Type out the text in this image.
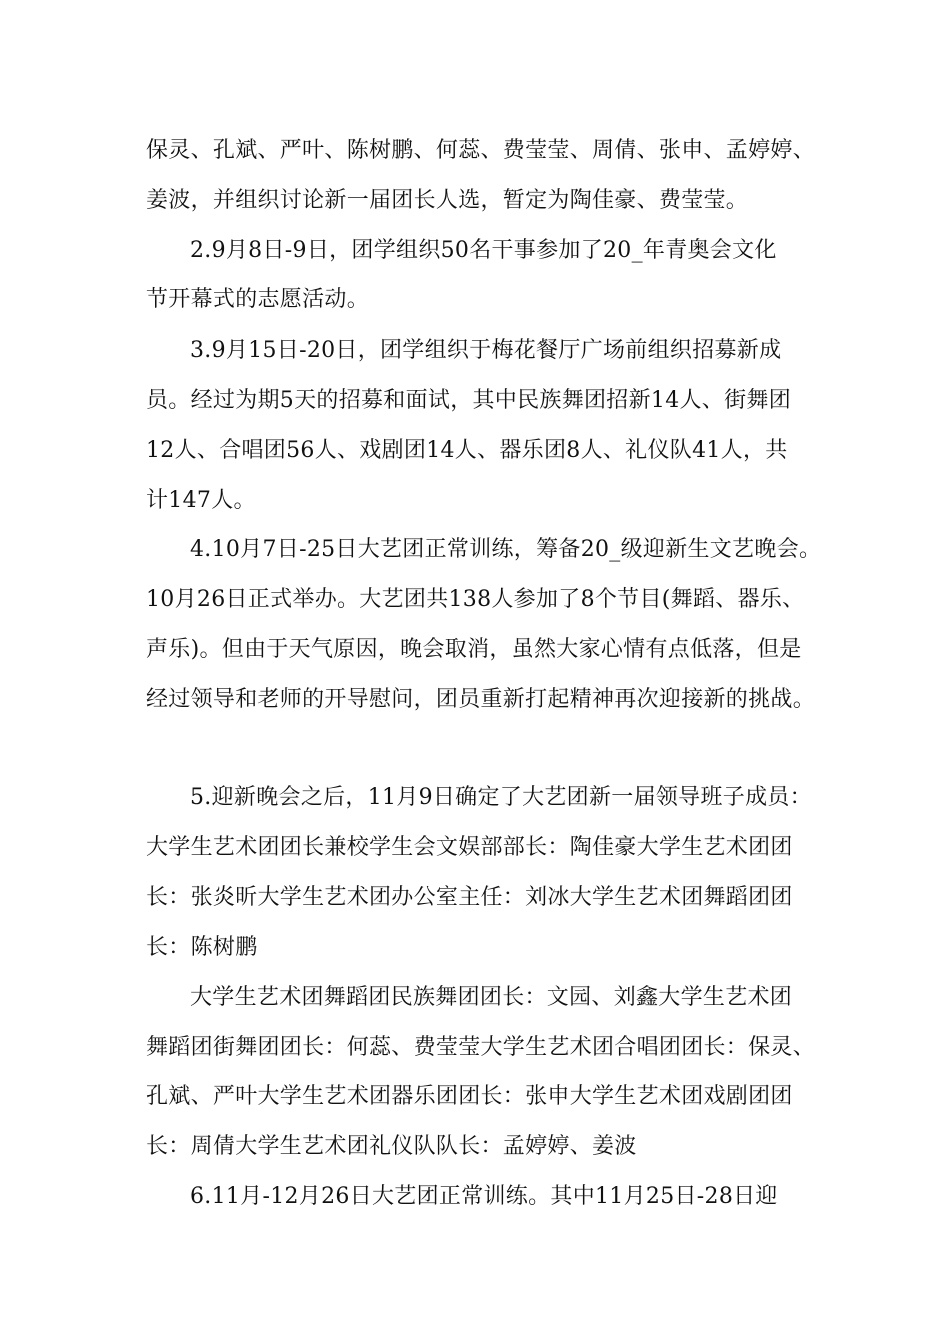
保灵、孔斌、严叶、陈树鹏、何蕊、费莹莹、周倩、张申、孟婷婷、
姜波，并组织讨论新一届团长人选，暂定为陶佳豪、费莹莹。
2.9月8日-9日，团学组织50名干事参加了20_年青奥会文化
节开幕式的志愿活动。
3.9月15日-20日，团学组织于梅花餐厅广场前组织招募新成
员。经过为期5天的招募和面试，其中民族舞团招新14人、街舞团
12人、合唱团56人、戏剧团14人、器乐团8人、礼仪队41人，共
计147人。
4.10月7日-25日大艺团正常训练，筹备20_级迎新生文艺晚会。
10月26日正式举办。大艺团共138人参加了8个节目(舞蹈、器乐、
声乐)。但由于天气原因，晚会取消，虽然大家心情有点低落，但是
经过领导和老师的开导慰问，团员重新打起精神再次迎接新的挑战。
5.迎新晚会之后，11月9日确定了大艺团新一届领导班子成员：
大学生艺术团团长兼校学生会文娱部部长：陶佳豪大学生艺术团团
长：张炎昕大学生艺术团办公室主任：刘冰大学生艺术团舞蹈团团
长：陈树鹏
大学生艺术团舞蹈团民族舞团团长：文园、刘鑫大学生艺术团
舞蹈团街舞团团长：何蕊、费莹莹大学生艺术团合唱团团长：保灵、
孔斌、严叶大学生艺术团器乐团团长：张申大学生艺术团戏剧团团
长：周倩大学生艺术团礼仪队队长：孟婷婷、姜波
6.11月-12月26日大艺团正常训练。其中11月25日-28日迎
